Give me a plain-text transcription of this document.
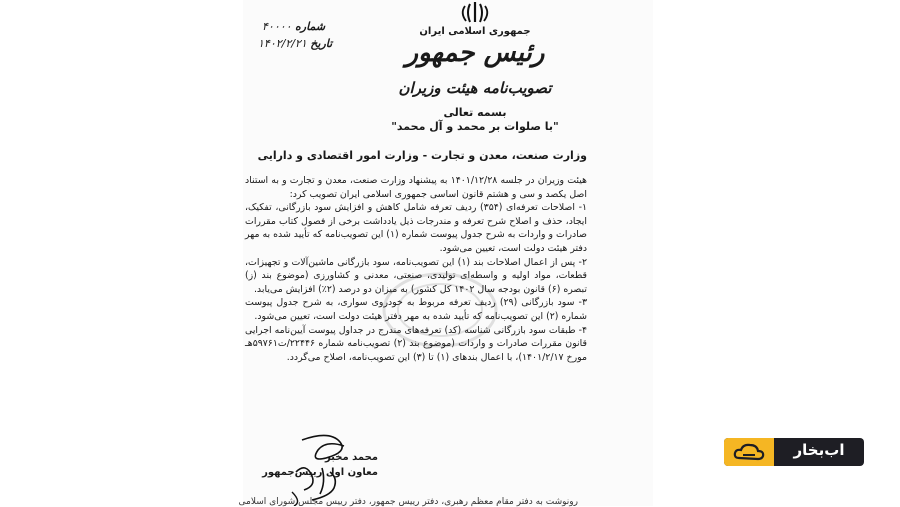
جمهوری اسلامی ایران
رئیس جمهور
تصویب‌نامه هیئت وزیران
بسمه تعالی
"با صلوات بر محمد و آل محمد"
شماره ۴۰۰۰۰
تاریخ ۱۴۰۲/۲/۲۱
وزارت صنعت، معدن و تجارت - وزارت امور اقتصادی و دارایی

هیئت وزیران در جلسه ۱۴۰۱/۱۲/۲۸ به پیشنهاد وزارت صنعت، معدن و تجارت و به استناد اصل یکصد و سی و هشتم قانون اساسی جمهوری اسلامی ایران تصویب کرد:

۱- اصلاحات تعرفه‌ای (۳۵۴) ردیف تعرفه شامل کاهش و افزایش سود بازرگانی، تفکیک، ایجاد، حذف و اصلاح شرح تعرفه و مندرجات ذیل یادداشت برخی از فصول کتاب مقررات صادرات و واردات به شرح جدول پیوست شماره (۱) این تصویب‌نامه که تأیید شده به مهر دفتر هیئت دولت است، تعیین می‌شود.

۲- پس از اعمال اصلاحات بند (۱) این تصویب‌نامه، سود بازرگانی ماشین‌آلات و تجهیزات، قطعات، مواد اولیه و واسطه‌ای تولیدی، صنعتی، معدنی و کشاورزی (موضوع بند (ز) تبصره (۶) قانون بودجه سال ۱۴۰۲ کل کشور) به میزان دو درصد (۲٪) افزایش می‌یابد.

۳- سود بازرگانی (۲۹) ردیف تعرفه مربوط به خودروی سواری، به شرح جدول پیوست شماره (۲) این تصویب‌نامه که تأیید شده به مهر دفتر هیئت دولت است، تعیین می‌شود.

۴- طبقات سود بازرگانی شناسه (کد) تعرفه‌های مندرج در جداول پیوست آیین‌نامه اجرایی قانون مقررات صادرات و واردات (موضوع بند (۲) تصویب‌نامه شماره ۲۲۴۴۶/ت۵۹۷۶۱هـ مورخ ۱۴۰۱/۲/۱۷)، با اعمال بندهای (۱) تا (۳) این تصویب‌نامه، اصلاح می‌گردد.

محمد مخبر
معاون اول رییس‌جمهور
رونوشت به دفتر مقام معظم رهبری، دفتر رییس جمهور، دفتر رییس مجلس شورای اسلامی
اب‌بخار
